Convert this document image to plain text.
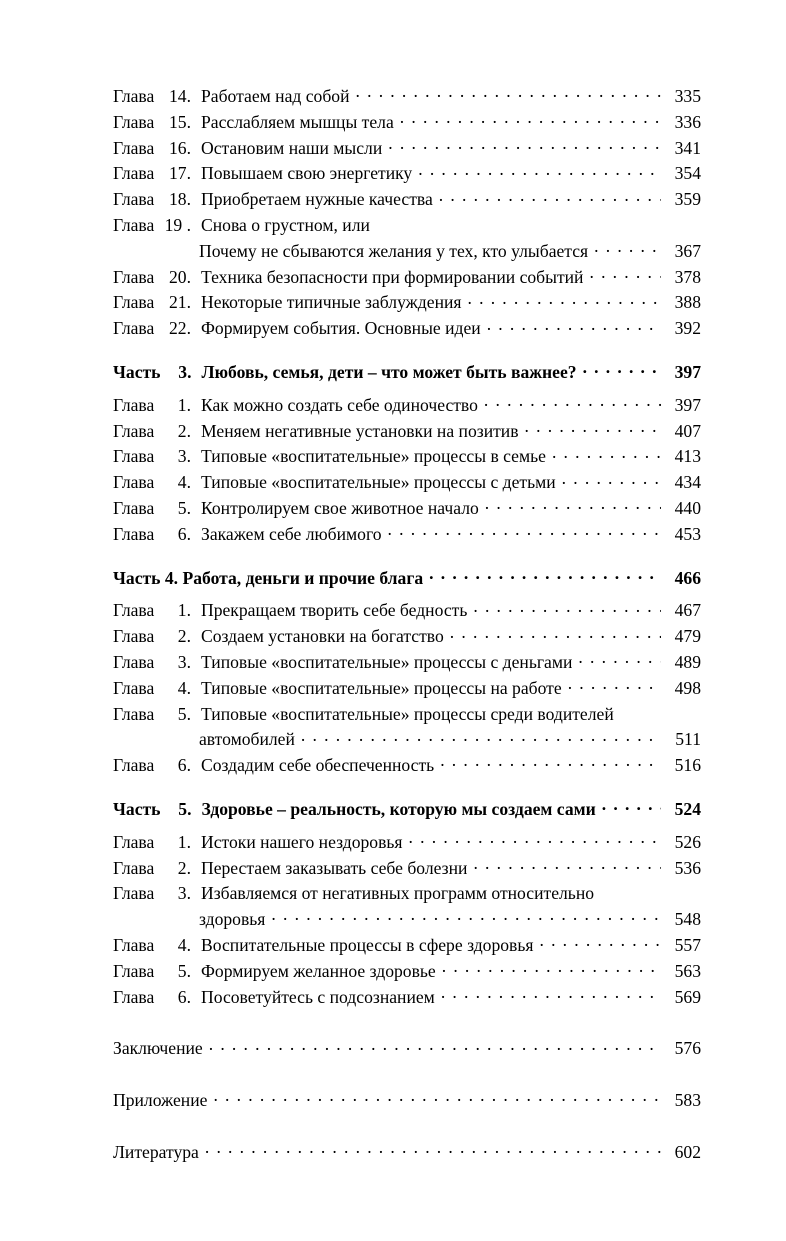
Глава 14. Работаем над собой . . .	335
Глава 15. Расслабляем мышцы тела . . .	336
Глава 16. Остановим наши мысли . . .	341
Глава 17. Повышаем свою энергетику . . .	354
Глава 18. Приобретаем нужные качества . . .	359
Глава 19 . Снова о грустном, или
Почему не сбываются желания у тех, кто улыбается . . .	367
Глава 20. Техника безопасности при формировании событий . . .	378
Глава 21. Некоторые типичные заблуждения . . .	388
Глава 22. Формируем события. Основные идеи . . .	392
Часть	3. Любовь, семья, дети – что может быть важнее? . . .	397
Глава	1. Как можно создать себе одиночество . . .	397
Глава	2. Меняем негативные установки на позитив . . .	407
Глава	3. Типовые «воспитательные» процессы в семье . . .	413
Глава	4. Типовые «воспитательные» процессы с детьми . . .	434
Глава	5. Контролируем свое животное начало . . .	440
Глава	6. Закажем себе любимого . . .	453
Часть 4. Работа, деньги и прочие блага . . .	466
Глава	1. Прекращаем творить себе бедность . . .	467
Глава	2. Создаем установки на богатство . . .	479
Глава	3. Типовые «воспитательные» процессы с деньгами . . .	489
Глава	4. Типовые «воспитательные» процессы на работе . . .	498
Глава	5. Типовые «воспитательные» процессы среди водителей
автомобилей . . .	511
Глава	6. Создадим себе обеспеченность . . .	516
Часть	5. Здоровье – реальность, которую мы создаем сами . . .	524
Глава	1. Истоки нашего нездоровья . . .	526
Глава	2. Перестаем заказывать себе болезни . . .	536
Глава	3. Избавляемся от негативных программ относительно
здоровья . . .	548
Глава	4. Воспитательные процессы в сфере здоровья . . .	557
Глава	5. Формируем желанное здоровье . . .	563
Глава	6. Посоветуйтесь с подсознанием . . .	569
Заключение . . .	576
Приложение . . .	583
Литература . . .	602
